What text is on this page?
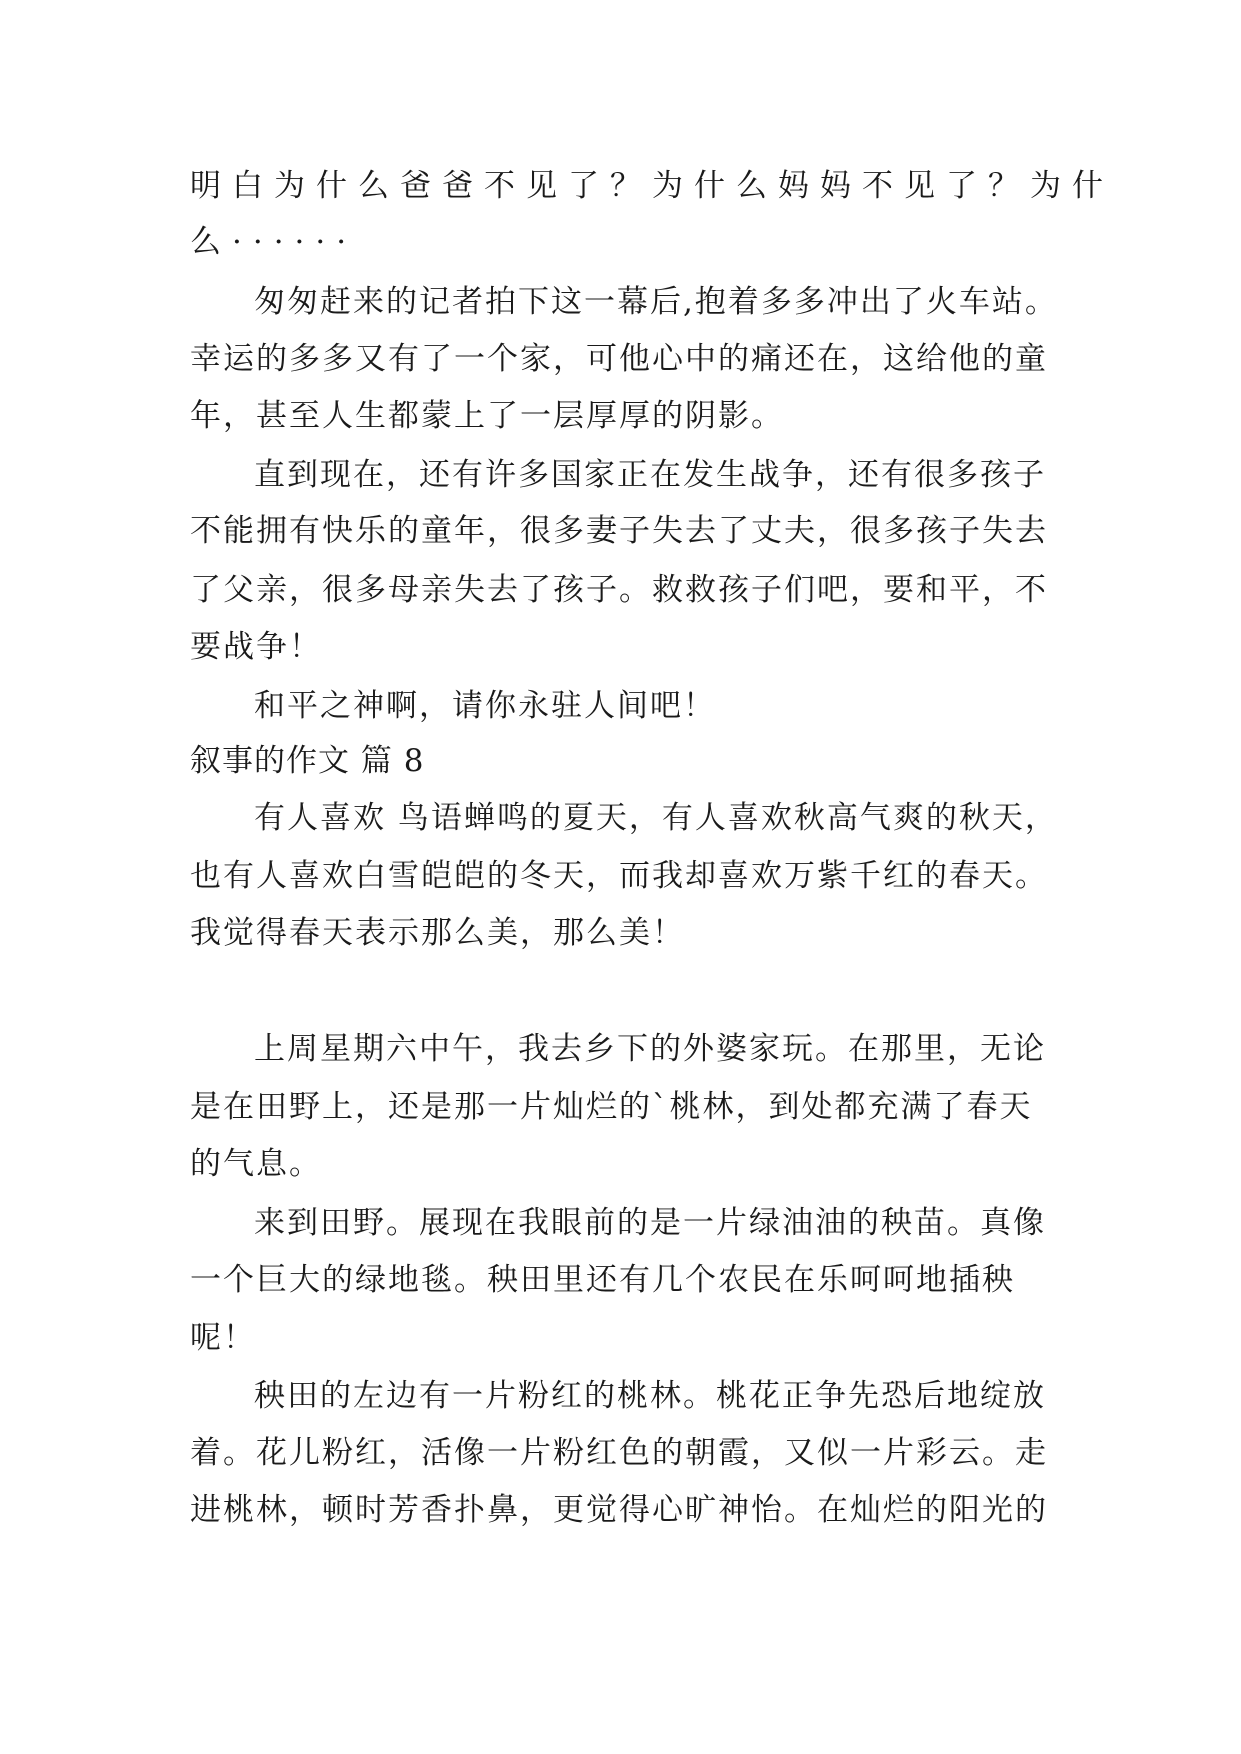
明白为什么爸爸不见了？为什么妈妈不见了？为什
么······
匆匆赶来的记者拍下这一幕后,抱着多多冲出了火车站。
幸运的多多又有了一个家，可他心中的痛还在，这给他的童
年，甚至人生都蒙上了一层厚厚的阴影。
直到现在，还有许多国家正在发生战争，还有很多孩子
不能拥有快乐的童年，很多妻子失去了丈夫，很多孩子失去
了父亲，很多母亲失去了孩子。救救孩子们吧，要和平，不
要战争！
和平之神啊，请你永驻人间吧！
叙事的作文 篇 8
有人喜欢 鸟语蝉鸣的夏天，有人喜欢秋高气爽的秋天，
也有人喜欢白雪皑皑的冬天，而我却喜欢万紫千红的春天。
我觉得春天表示那么美，那么美！
上周星期六中午，我去乡下的外婆家玩。在那里，无论
是在田野上，还是那一片灿烂的`桃林，到处都充满了春天
的气息。
来到田野。展现在我眼前的是一片绿油油的秧苗。真像
一个巨大的绿地毯。秧田里还有几个农民在乐呵呵地插秧
呢！
秧田的左边有一片粉红的桃林。桃花正争先恐后地绽放
着。花儿粉红，活像一片粉红色的朝霞，又似一片彩云。走
进桃林，顿时芳香扑鼻，更觉得心旷神怡。在灿烂的阳光的
